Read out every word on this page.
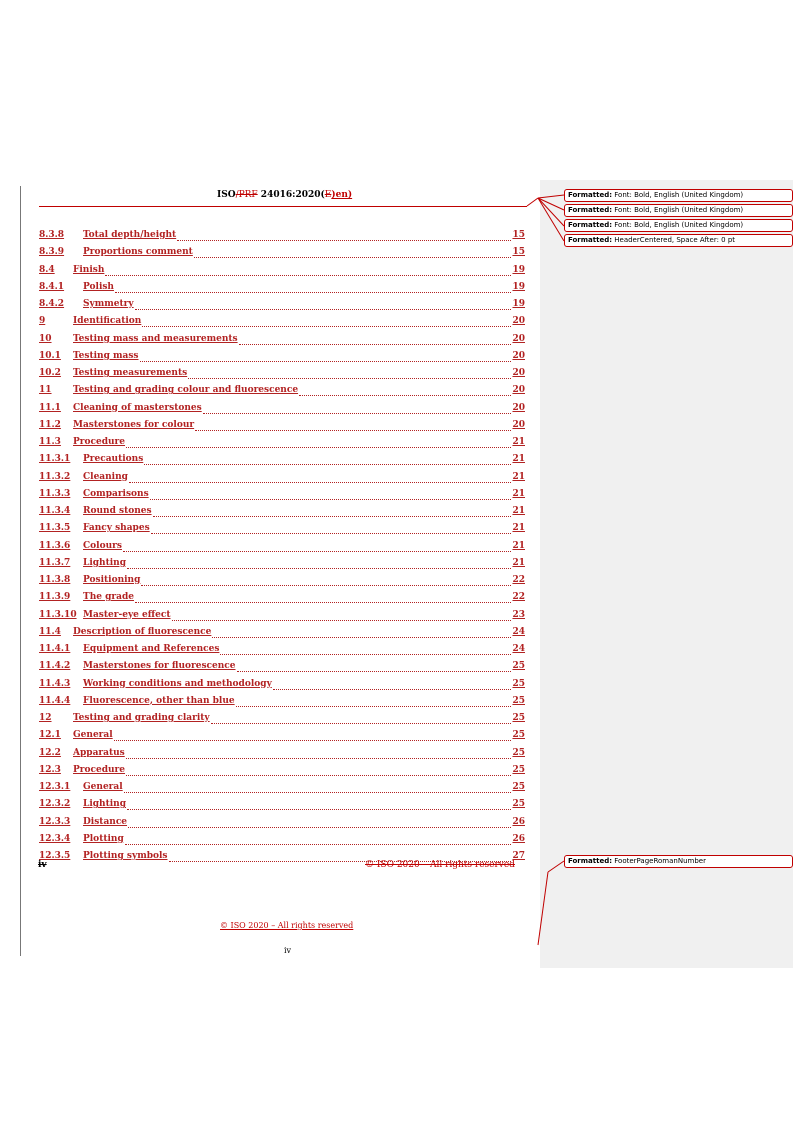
Formatted: Font: Bold, English (United Kingdom)
Formatted: Font: Bold, English (United Kingdom)
Formatted: Font: Bold, English (United Kingdom)
Formatted: HeaderCentered, Space After: 0 pt
Formatted: FooterPageRomanNumber
ISO/PRF 24016:2020(E)en)
8.3.8	Total depth/height	15
8.3.9	Proportions comment	15
8.4	Finish	19
8.4.1	Polish	19
8.4.2	Symmetry	19
9	Identification	20
10	Testing mass and measurements	20
10.1	Testing mass	20
10.2	Testing measurements	20
11	Testing and grading colour and fluorescence	20
11.1	Cleaning of masterstones	20
11.2	Masterstones for colour	20
11.3	Procedure	21
11.3.1	Precautions	21
11.3.2	Cleaning	21
11.3.3	Comparisons	21
11.3.4	Round stones	21
11.3.5	Fancy shapes	21
11.3.6	Colours	21
11.3.7	Lighting	21
11.3.8	Positioning	22
11.3.9	The grade	22
11.3.10 Master-eye effect	23
11.4	Description of fluorescence	24
11.4.1	Equipment and References	24
11.4.2	Masterstones for fluorescence	25
11.4.3	Working conditions and methodology	25
11.4.4	Fluorescence, other than blue	25
12	Testing and grading clarity	25
12.1	General	25
12.2	Apparatus	25
12.3	Procedure	25
12.3.1	General	25
12.3.2	Lighting	25
12.3.3	Distance	26
12.3.4	Plotting	26
12.3.5	Plotting symbols	27
iv	© ISO 2020 – All rights reserved
© ISO 2020 – All rights reserved
iv
